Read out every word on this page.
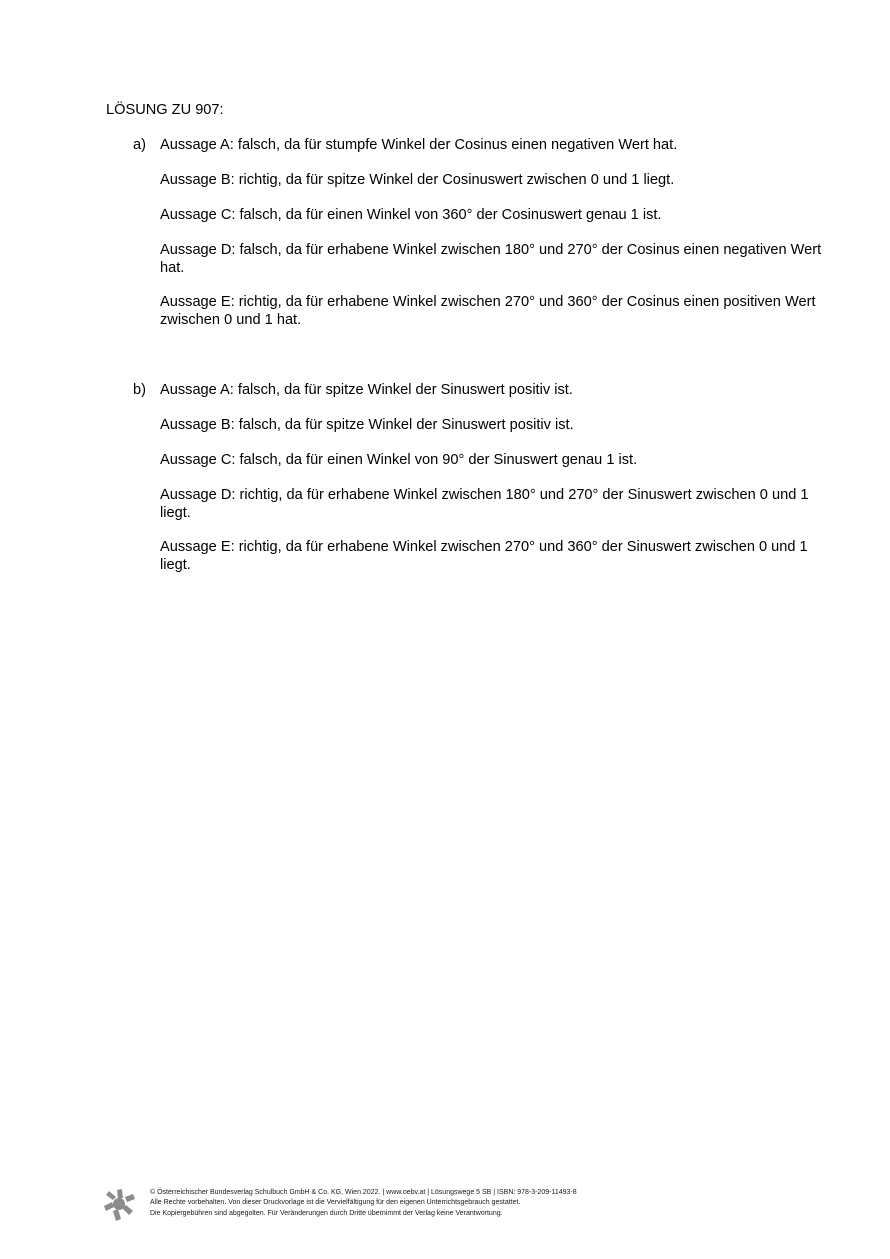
LÖSUNG ZU 907:
a) Aussage A: falsch, da für stumpfe Winkel der Cosinus einen negativen Wert hat.

Aussage B: richtig, da für spitze Winkel der Cosinuswert zwischen 0 und 1 liegt.

Aussage C: falsch, da für einen Winkel von 360° der Cosinuswert genau 1 ist.

Aussage D: falsch, da für erhabene Winkel zwischen 180° und 270° der Cosinus einen negativen Wert hat.

Aussage E: richtig, da für erhabene Winkel zwischen 270° und 360° der Cosinus einen positiven Wert zwischen 0 und 1 hat.

b) Aussage A: falsch, da für spitze Winkel der Sinuswert positiv ist.

Aussage B: falsch, da für spitze Winkel der Sinuswert positiv ist.

Aussage C: falsch, da für einen Winkel von 90° der Sinuswert genau 1 ist.

Aussage D: richtig, da für erhabene Winkel zwischen 180° und 270° der Sinuswert zwischen 0 und 1 liegt.

Aussage E: richtig, da für erhabene Winkel zwischen 270° und 360° der Sinuswert zwischen 0 und 1 liegt.

© Österreichischer Bundesverlag Schulbuch GmbH & Co. KG, Wien 2022. | www.oebv.at | Lösungswege 5 SB | ISBN: 978-3-209-11493-8
Alle Rechte vorbehalten. Von dieser Druckvorlage ist die Vervielfältigung für den eigenen Unterrichtsgebrauch gestattet.
Die Kopiergebühren sind abgegolten. Für Veränderungen durch Dritte übernimmt der Verlag keine Verantwortung.
